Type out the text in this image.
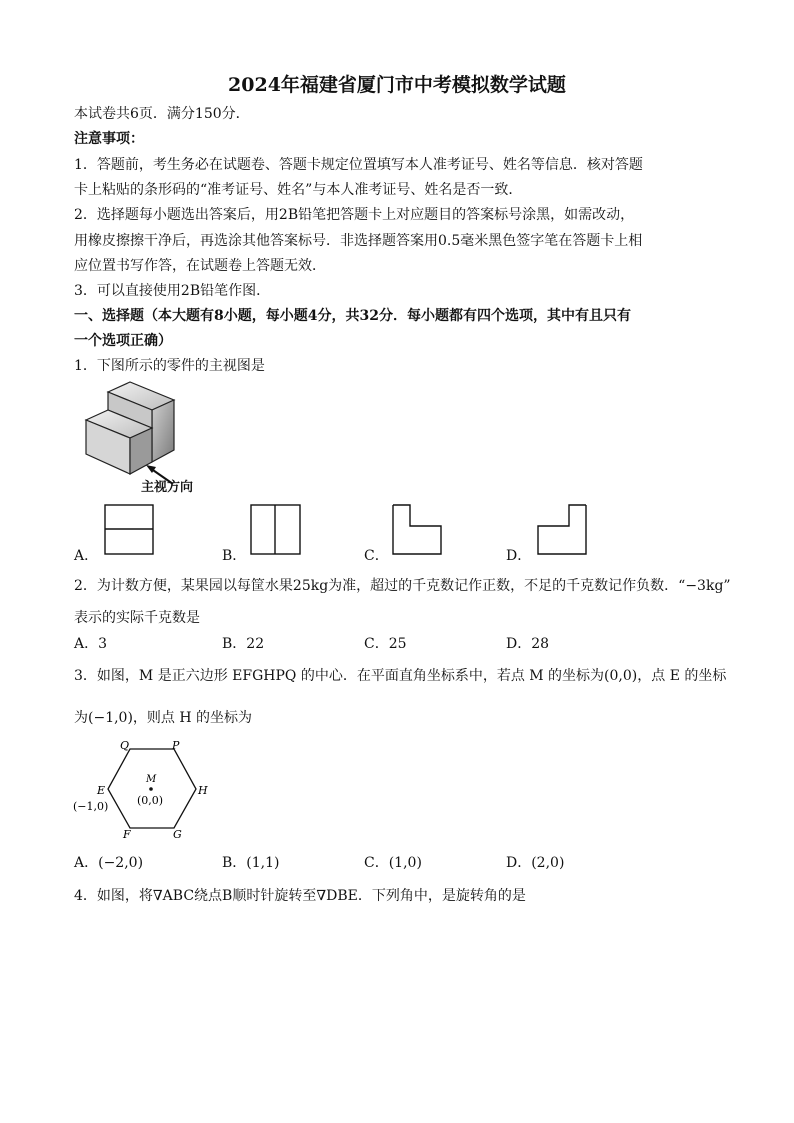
2024年福建省厦门市中考模拟数学试题
本试卷共6页．满分150分．
注意事项：
1．答题前，考生务必在试题卷、答题卡规定位置填写本人准考证号、姓名等信息．核对答题
卡上粘贴的条形码的“准考证号、姓名”与本人准考证号、姓名是否一致．
2．选择题每小题选出答案后，用2B铅笔把答题卡上对应题目的答案标号涂黑，如需改动，
用橡皮擦擦干净后，再选涂其他答案标号．非选择题答案用0.5毫米黑色签字笔在答题卡上相
应位置书写作答，在试题卷上答题无效．
3．可以直接使用2B铅笔作图．
一、选择题（本大题有8小题，每小题4分，共32分．每小题都有四个选项，其中有且只有
一个选项正确）
1．下图所示的零件的主视图是
主视方向
A．	B．	C．	D．
2．为计数方便，某果园以每筐水果25kg为准，超过的千克数记作正数，不足的千克数记作负数．“−3kg”
表示的实际千克数是
A．3	B．22	C．25	D．28
3．如图，M 是正六边形 EFGHPQ 的中心．在平面直角坐标系中，若点 M 的坐标为(0,0)，点 E 的坐标
为(−1,0)，则点 H 的坐标为
Q	P
E	H
F	G
M
(0,0)
(−1,0)
A．(−2,0)	B．(1,1)	C．(1,0)	D．(2,0)
4．如图，将∇ABC绕点B顺时针旋转至∇DBE．下列角中，是旋转角的是
